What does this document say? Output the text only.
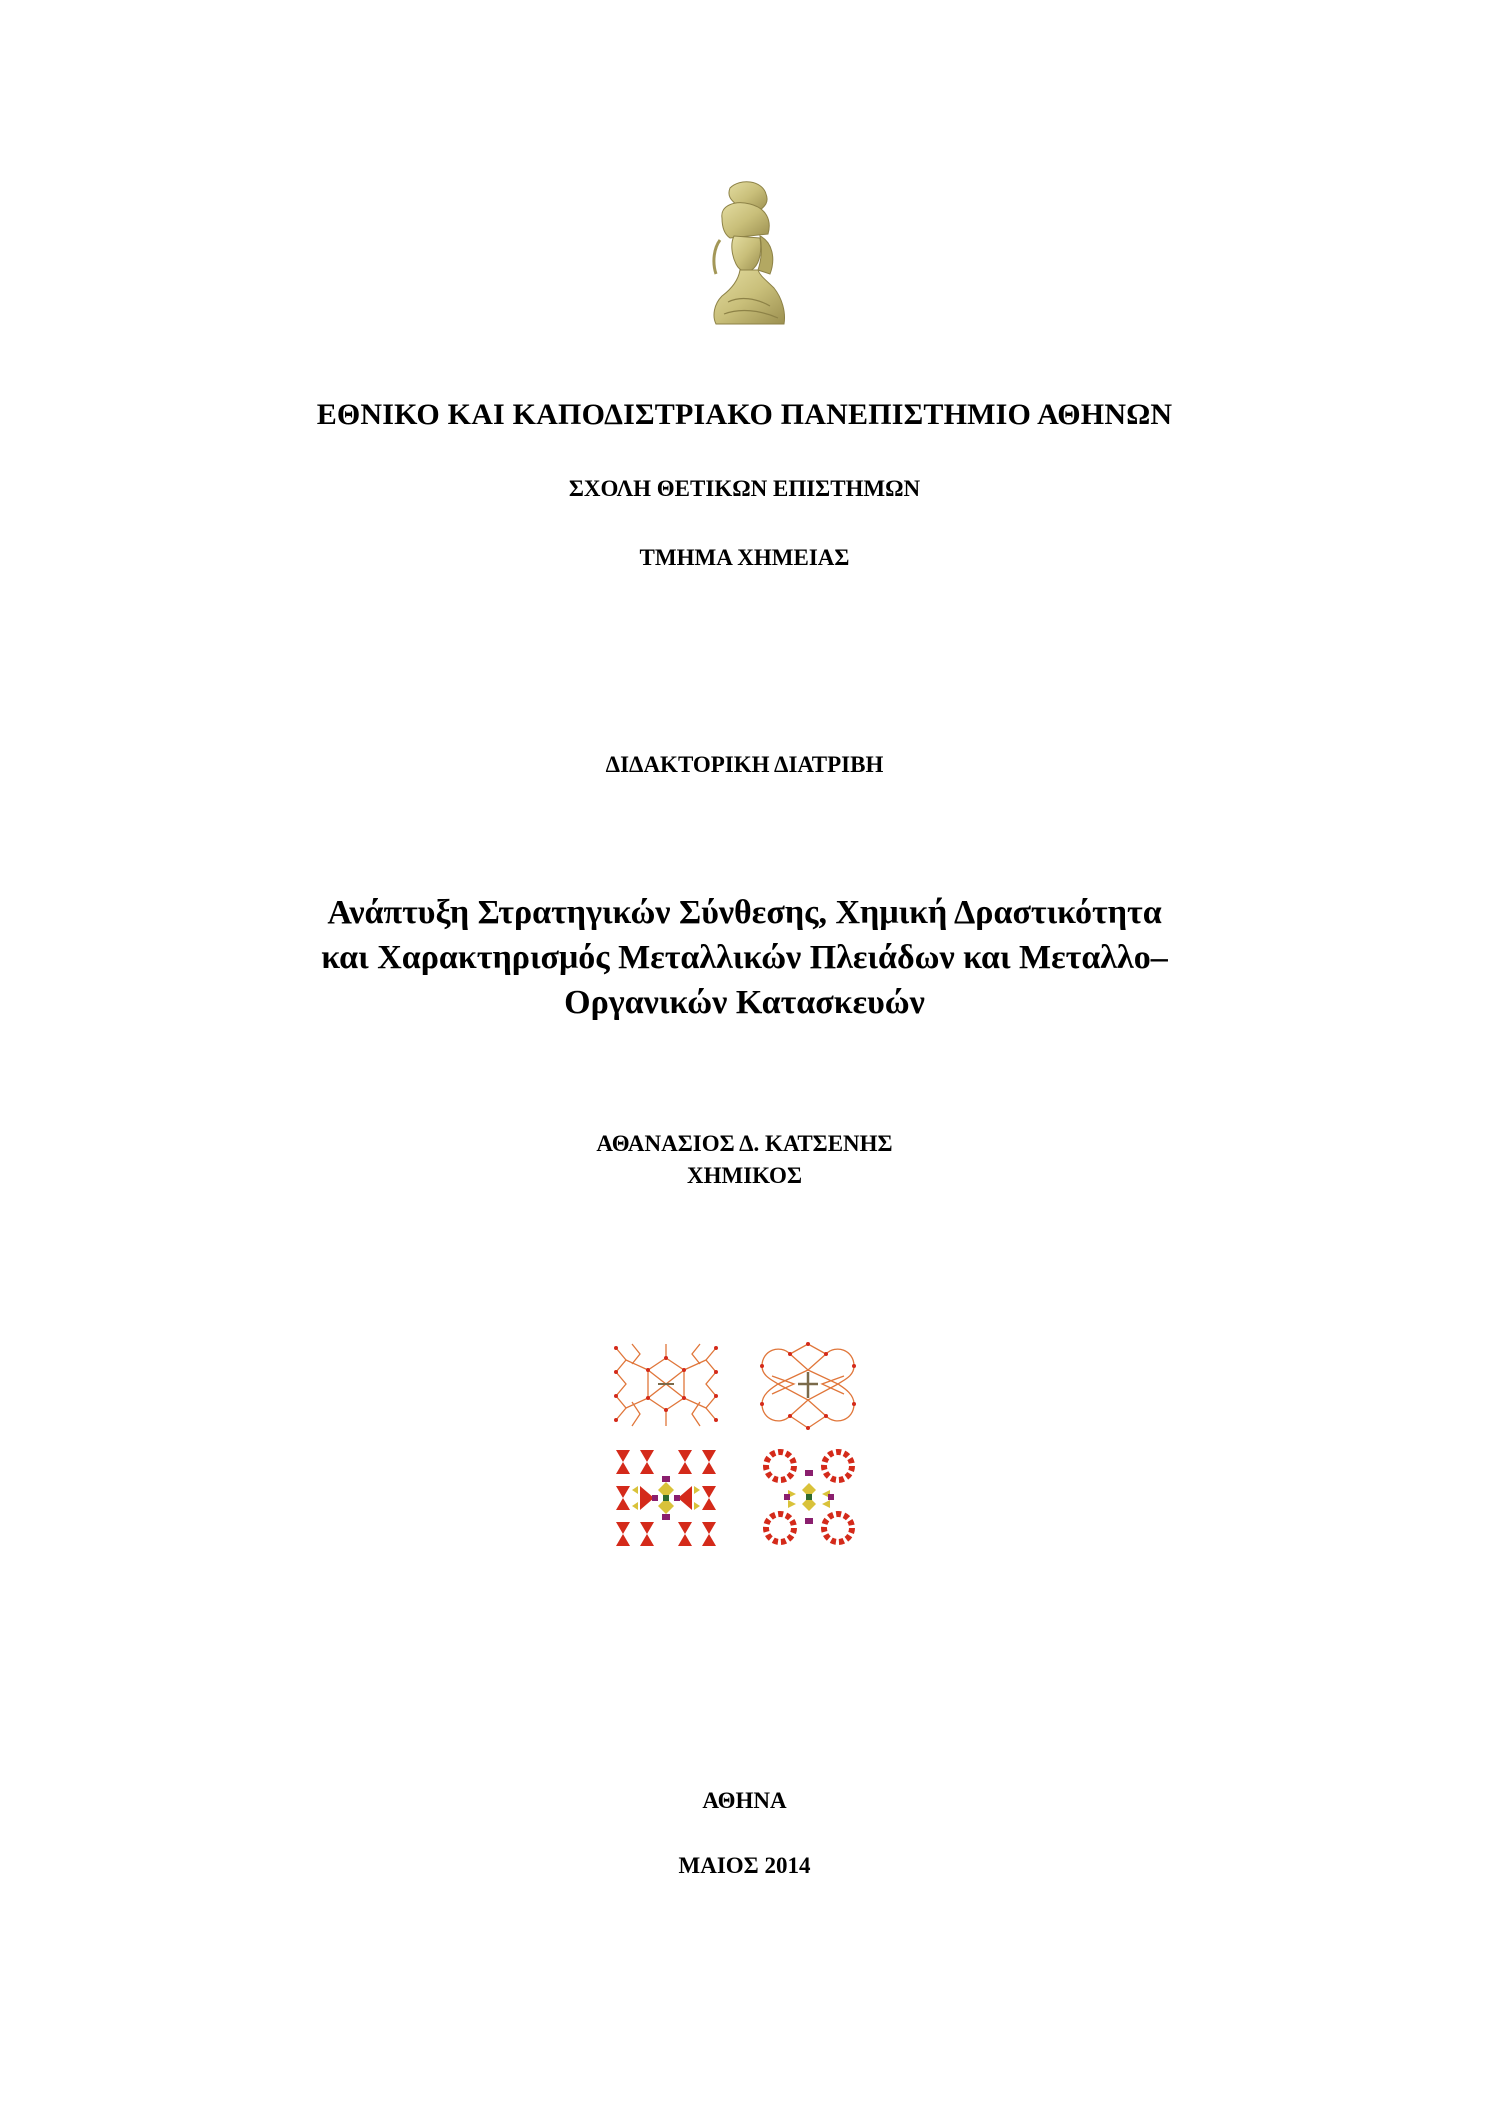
ΕΘΝΙΚΟ ΚΑΙ ΚΑΠΟΔΙΣΤΡΙΑΚΟ ΠΑΝΕΠΙΣΤΗΜΙΟ ΑΘΗΝΩΝ
ΣΧΟΛΗ ΘΕΤΙΚΩΝ ΕΠΙΣΤΗΜΩΝ
ΤΜΗΜΑ ΧΗΜΕΙΑΣ
ΔΙΔΑΚΤΟΡΙΚΗ ΔΙΑΤΡΙΒΗ
Ανάπτυξη Στρατηγικών Σύνθεσης, Χημική Δραστικότητα
και Χαρακτηρισμός Μεταλλικών Πλειάδων και Μεταλλο–
Οργανικών Κατασκευών
ΑΘΑΝΑΣΙΟΣ Δ. ΚΑΤΣΕΝΗΣ
ΧΗΜΙΚΟΣ
ΑΘΗΝΑ
ΜΑΙΟΣ 2014
